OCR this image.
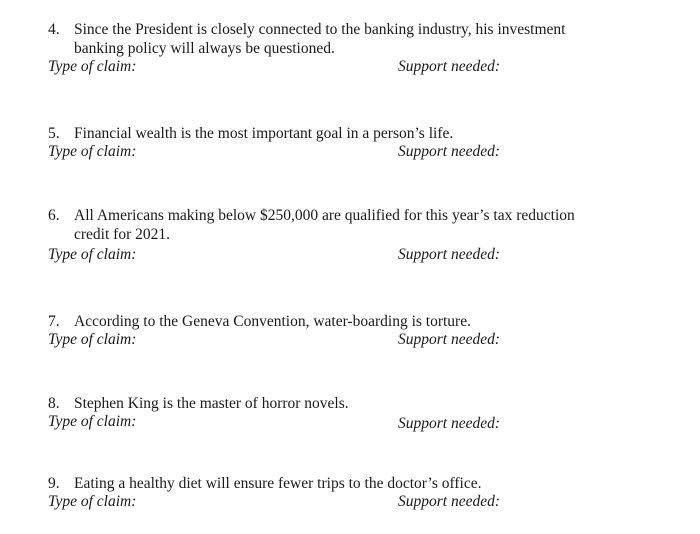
4. Since the President is closely connected to the banking industry, his investment
banking policy will always be questioned.
Type of claim:	Support needed:
5. Financial wealth is the most important goal in a person’s life.
Type of claim:	Support needed:
6. All Americans making below $250,000 are qualified for this year’s tax reduction
credit for 2021.
Type of claim:	Support needed:
7. According to the Geneva Convention, water-boarding is torture.
Type of claim:	Support needed:
8. Stephen King is the master of horror novels.
Type of claim:	Support needed:
9. Eating a healthy diet will ensure fewer trips to the doctor’s office.
Type of claim:	Support needed:
